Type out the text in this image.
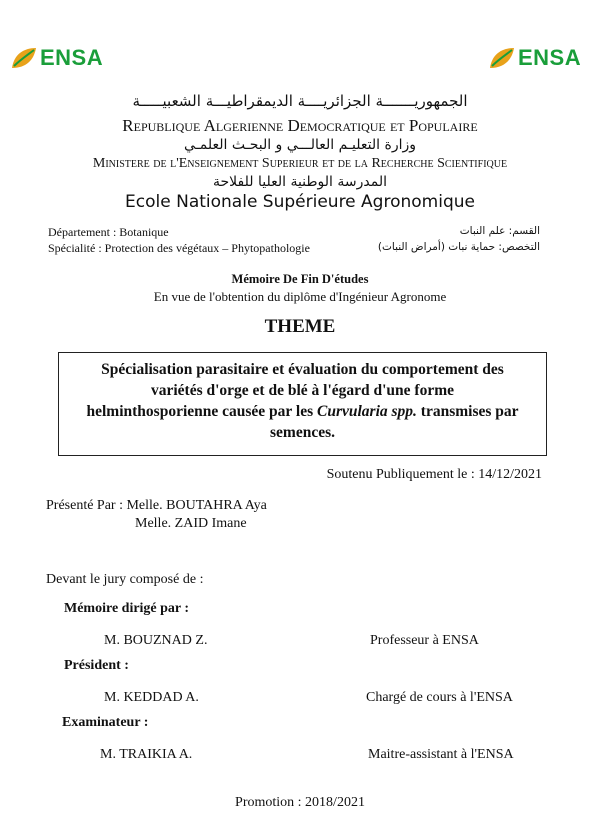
ENSA	ENSA
الجمهوريـــــــة الجزائريــــة الديمقراطيـــة الشعبيـــــة
Republique Algerienne Democratique et Populaire
وزارة التعليـم العالـــي و البحـث العلمـي
Ministere de l'Enseignement Superieur et de la Recherche Scientifique
المدرسة الوطنية العليا للفلاحة
Ecole Nationale Supérieure Agronomique
Département : Botanique
Spécialité : Protection des végétaux – Phytopathologie
القسم: علم النبات
التخصص: حماية نبات (أمراض النبات)
Mémoire De Fin D'études
En vue de l'obtention du diplôme d'Ingénieur Agronome
THEME
Spécialisation parasitaire et évaluation du comportement des
variétés d'orge et de blé à l'égard d'une forme
helminthosporienne causée par les Curvularia spp. transmises par
semences.
Soutenu Publiquement le : 14/12/2021
Présenté Par : Melle. BOUTAHRA Aya
Melle. ZAID Imane
Devant le jury composé de :
Mémoire dirigé par :
M. BOUZNAD Z.	Professeur à ENSA
Président :
M. KEDDAD A.	Chargé de cours à l'ENSA
Examinateur :
M. TRAIKIA A.	Maitre-assistant à l'ENSA
Promotion : 2018/2021
